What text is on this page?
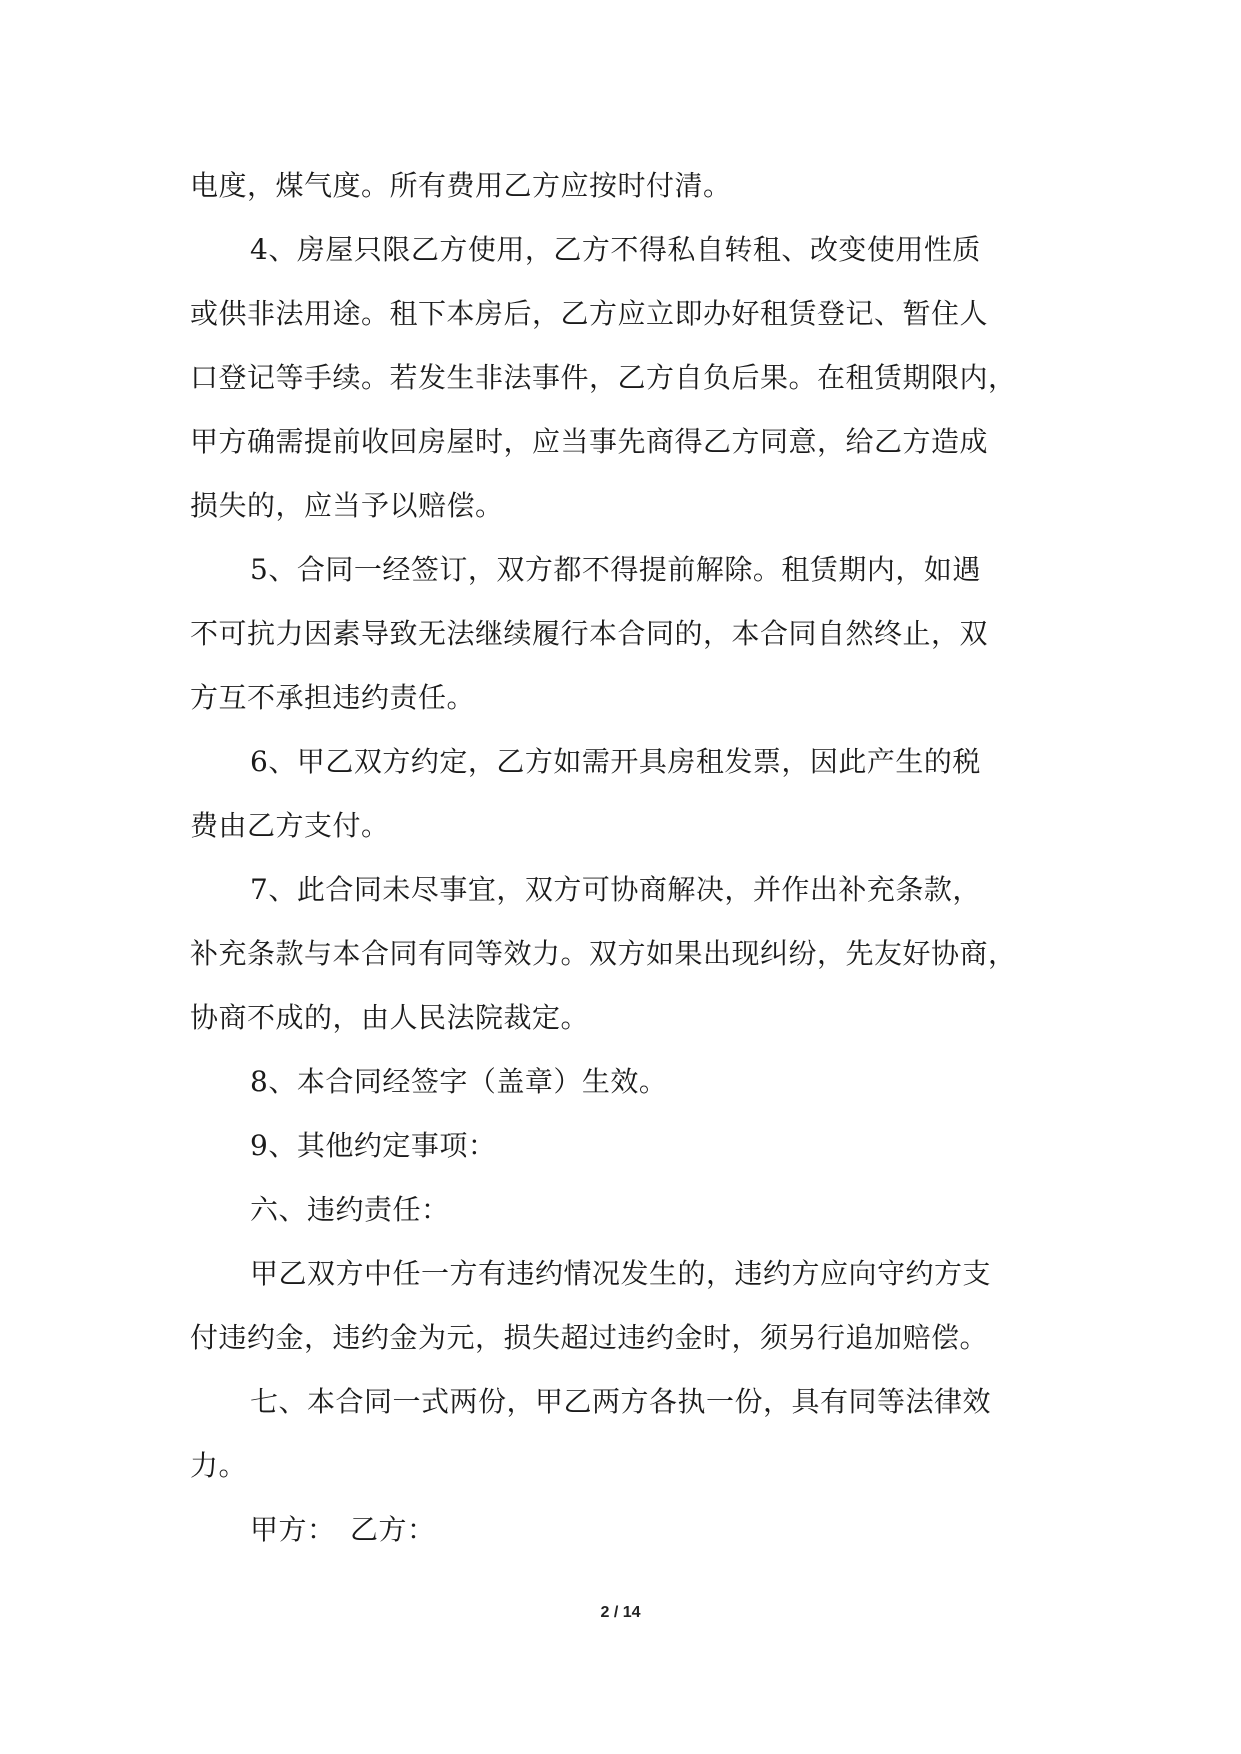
电度，煤气度。所有费用乙方应按时付清。
4、房屋只限乙方使用，乙方不得私自转租、改变使用性质
或供非法用途。租下本房后，乙方应立即办好租赁登记、暂住人
口登记等手续。若发生非法事件，乙方自负后果。在租赁期限内，
甲方确需提前收回房屋时，应当事先商得乙方同意，给乙方造成
损失的，应当予以赔偿。
5、合同一经签订，双方都不得提前解除。租赁期内，如遇
不可抗力因素导致无法继续履行本合同的，本合同自然终止，双
方互不承担违约责任。
6、甲乙双方约定，乙方如需开具房租发票，因此产生的税
费由乙方支付。
7、此合同未尽事宜，双方可协商解决，并作出补充条款，
补充条款与本合同有同等效力。双方如果出现纠纷，先友好协商，
协商不成的，由人民法院裁定。
8、本合同经签字（盖章）生效。
9、其他约定事项：
六、违约责任：
甲乙双方中任一方有违约情况发生的，违约方应向守约方支
付违约金，违约金为元，损失超过违约金时，须另行追加赔偿。
七、本合同一式两份，甲乙两方各执一份，具有同等法律效
力。
甲方：　乙方：
2 / 14
